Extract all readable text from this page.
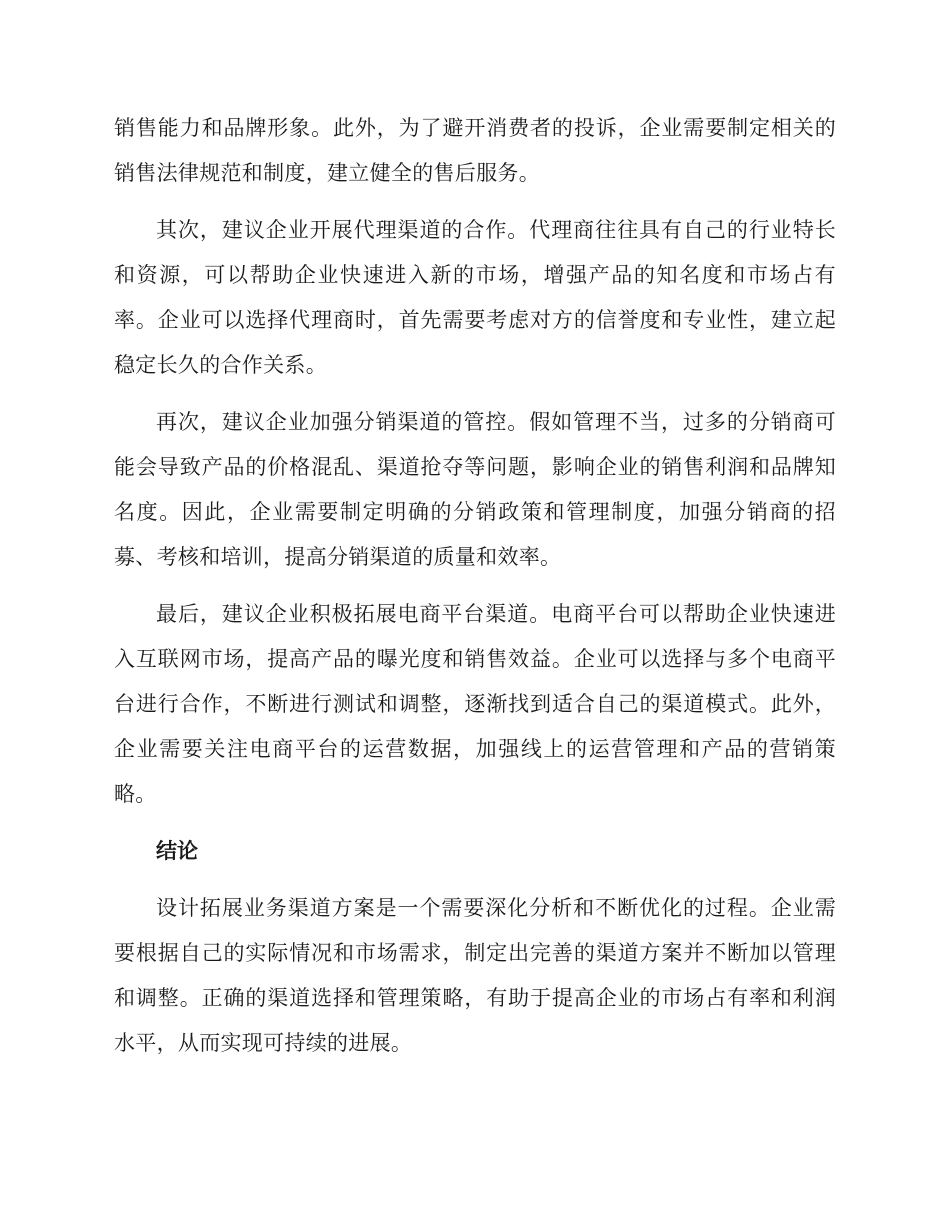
销售能力和品牌形象。此外，为了避开消费者的投诉，企业需要制定相关的销售法律规范和制度，建立健全的售后服务。

其次，建议企业开展代理渠道的合作。代理商往往具有自己的行业特长和资源，可以帮助企业快速进入新的市场，增强产品的知名度和市场占有率。企业可以选择代理商时，首先需要考虑对方的信誉度和专业性，建立起稳定长久的合作关系。

再次，建议企业加强分销渠道的管控。假如管理不当，过多的分销商可能会导致产品的价格混乱、渠道抢夺等问题，影响企业的销售利润和品牌知名度。因此，企业需要制定明确的分销政策和管理制度，加强分销商的招募、考核和培训，提高分销渠道的质量和效率。

最后，建议企业积极拓展电商平台渠道。电商平台可以帮助企业快速进入互联网市场，提高产品的曝光度和销售效益。企业可以选择与多个电商平台进行合作，不断进行测试和调整，逐渐找到适合自己的渠道模式。此外，企业需要关注电商平台的运营数据，加强线上的运营管理和产品的营销策略。

结论

设计拓展业务渠道方案是一个需要深化分析和不断优化的过程。企业需要根据自己的实际情况和市场需求，制定出完善的渠道方案并不断加以管理和调整。正确的渠道选择和管理策略，有助于提高企业的市场占有率和利润水平，从而实现可持续的进展。
